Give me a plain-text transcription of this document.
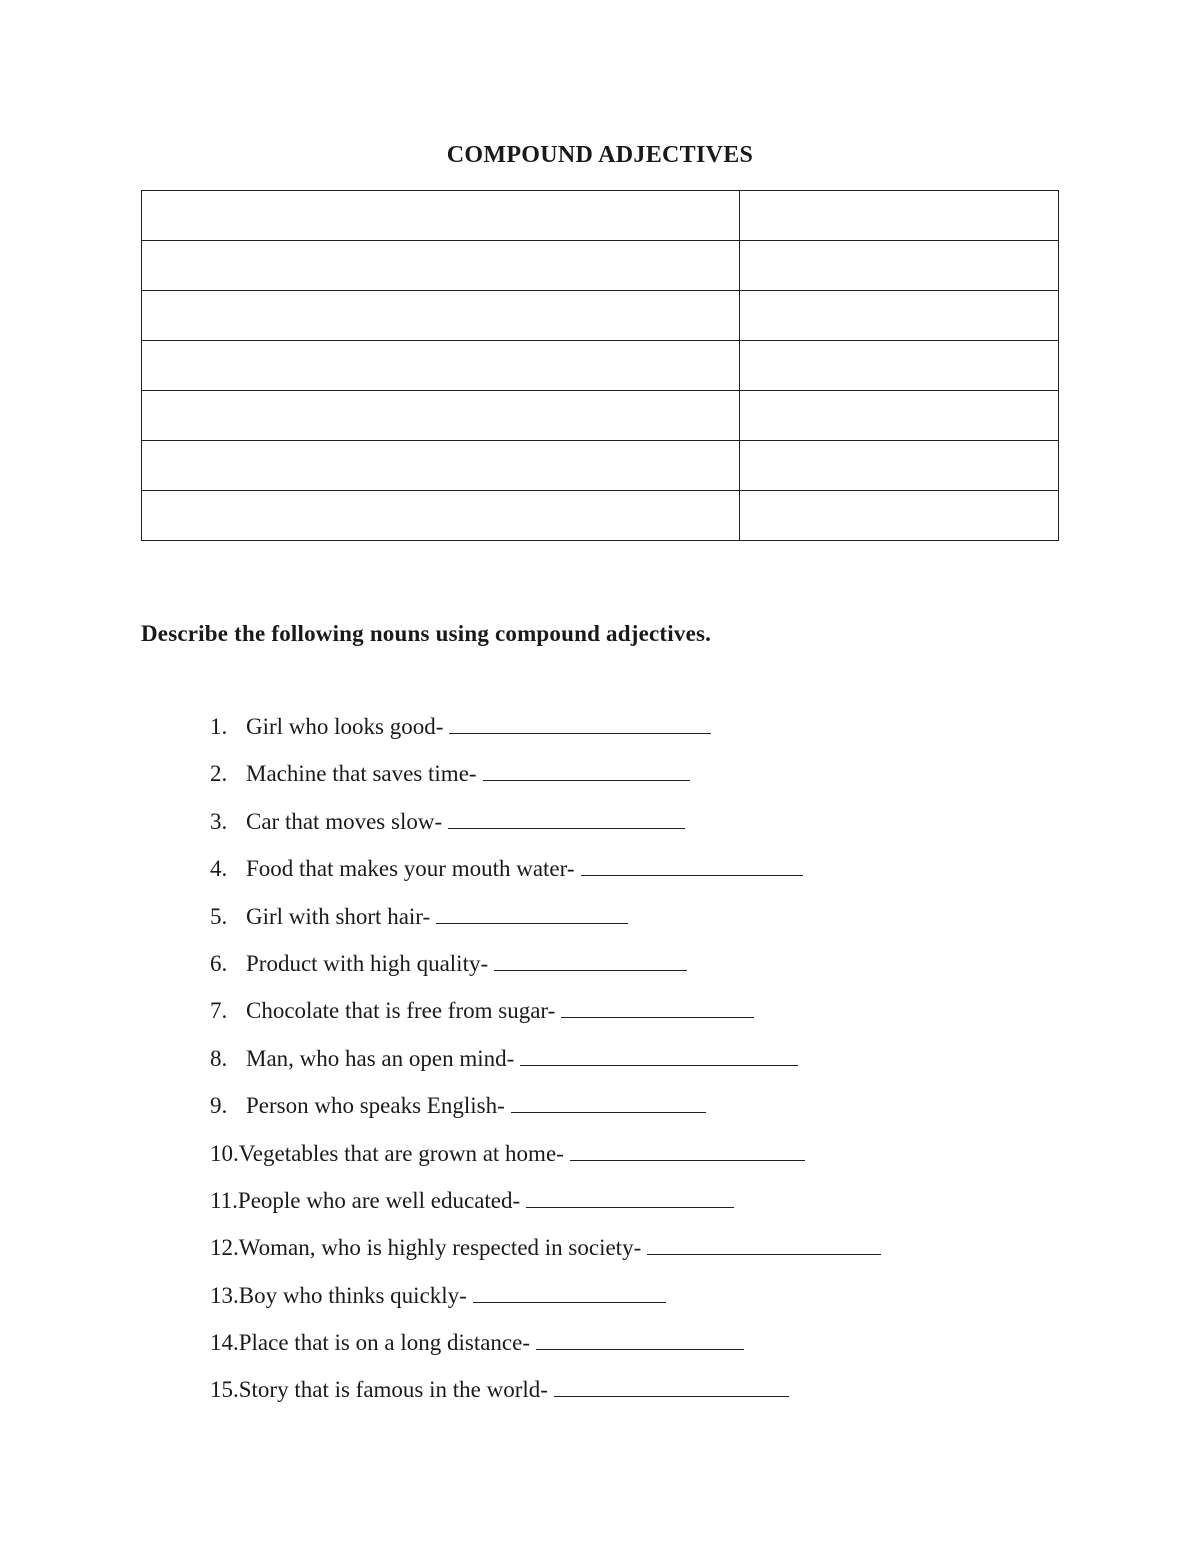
COMPOUND ADJECTIVES

Describe the following nouns using compound adjectives.
1. Girl who looks good-
2. Machine that saves time-
3. Car that moves slow-
4. Food that makes your mouth water-
5. Girl with short hair-
6. Product with high quality-
7. Chocolate that is free from sugar-
8. Man, who has an open mind-
9. Person who speaks English-
10.Vegetables that are grown at home-
11.People who are well educated-
12.Woman, who is highly respected in society-
13.Boy who thinks quickly-
14.Place that is on a long distance-
15.Story that is famous in the world-
